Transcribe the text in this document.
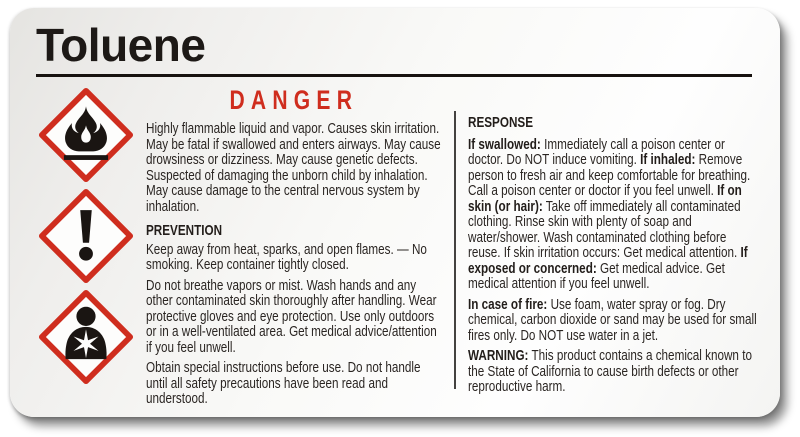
Toluene
DANGER

Highly flammable liquid and vapor. Causes skin irritation. May be fatal if swallowed and enters airways. May cause drowsiness or dizziness. May cause genetic defects. Suspected of damaging the unborn child by inhalation. May cause damage to the central nervous system by inhalation.

PREVENTION

Keep away from heat, sparks, and open flames. — No smoking. Keep container tightly closed.

Do not breathe vapors or mist. Wash hands and any other contaminated skin thoroughly after handling. Wear protective gloves and eye protection. Use only outdoors or in a well-ventilated area. Get medical advice/attention if you feel unwell.

Obtain special instructions before use. Do not handle until all safety precautions have been read and understood.

RESPONSE

If swallowed: Immediately call a poison center or doctor. Do NOT induce vomiting. If inhaled: Remove person to fresh air and keep comfortable for breathing. Call a poison center or doctor if you feel unwell. If on skin (or hair): Take off immediately all contaminated clothing. Rinse skin with plenty of soap and water/shower. Wash contaminated clothing before reuse. If skin irritation occurs: Get medical attention. If exposed or concerned: Get medical advice. Get medical attention if you feel unwell.

In case of fire: Use foam, water spray or fog. Dry chemical, carbon dioxide or sand may be used for small fires only. Do NOT use water in a jet.

WARNING: This product contains a chemical known to the State of California to cause birth defects or other reproductive harm.
